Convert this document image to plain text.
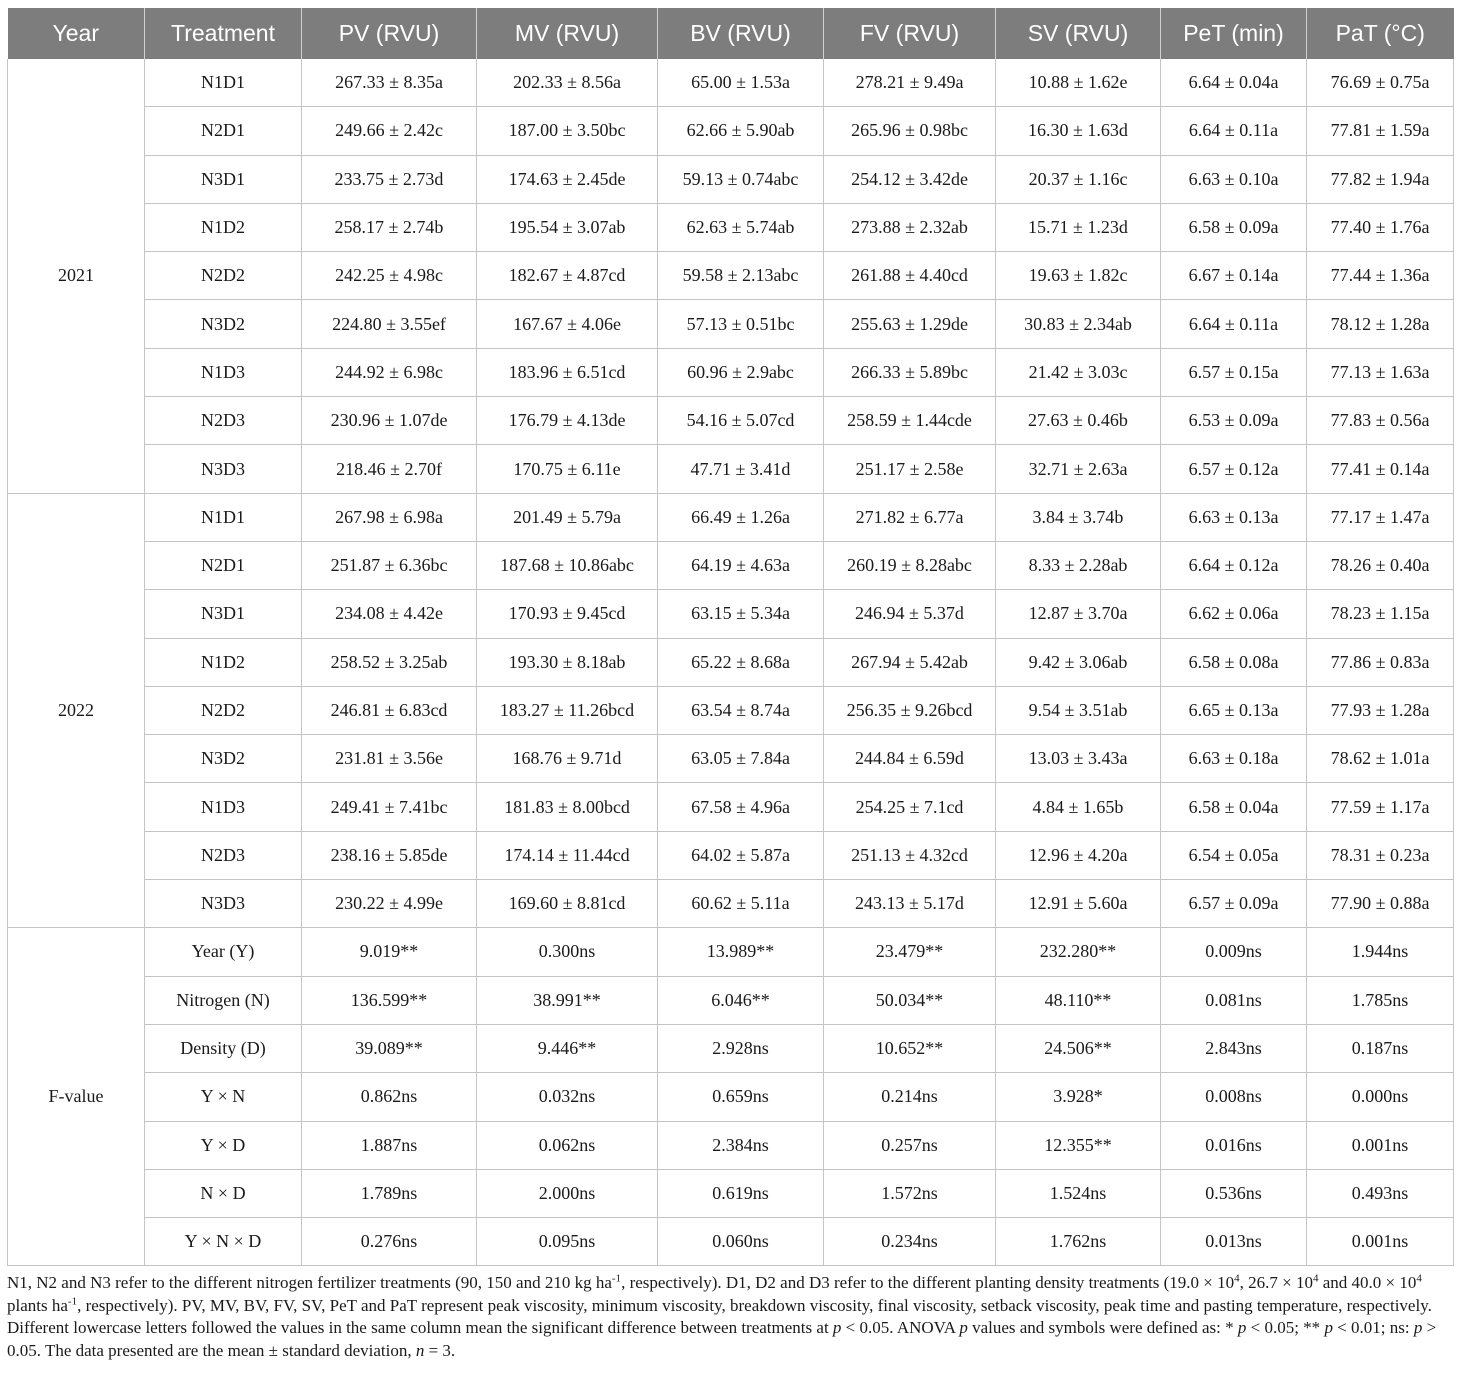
Year	Treatment	PV (RVU)	MV (RVU)	BV (RVU)	FV (RVU)	SV (RVU)	PeT (min)	PaT (°C)
2021	N1D1	267.33 ± 8.35a	202.33 ± 8.56a	65.00 ± 1.53a	278.21 ± 9.49a	10.88 ± 1.62e	6.64 ± 0.04a	76.69 ± 0.75a
	N2D1	249.66 ± 2.42c	187.00 ± 3.50bc	62.66 ± 5.90ab	265.96 ± 0.98bc	16.30 ± 1.63d	6.64 ± 0.11a	77.81 ± 1.59a
	N3D1	233.75 ± 2.73d	174.63 ± 2.45de	59.13 ± 0.74abc	254.12 ± 3.42de	20.37 ± 1.16c	6.63 ± 0.10a	77.82 ± 1.94a
	N1D2	258.17 ± 2.74b	195.54 ± 3.07ab	62.63 ± 5.74ab	273.88 ± 2.32ab	15.71 ± 1.23d	6.58 ± 0.09a	77.40 ± 1.76a
	N2D2	242.25 ± 4.98c	182.67 ± 4.87cd	59.58 ± 2.13abc	261.88 ± 4.40cd	19.63 ± 1.82c	6.67 ± 0.14a	77.44 ± 1.36a
	N3D2	224.80 ± 3.55ef	167.67 ± 4.06e	57.13 ± 0.51bc	255.63 ± 1.29de	30.83 ± 2.34ab	6.64 ± 0.11a	78.12 ± 1.28a
	N1D3	244.92 ± 6.98c	183.96 ± 6.51cd	60.96 ± 2.9abc	266.33 ± 5.89bc	21.42 ± 3.03c	6.57 ± 0.15a	77.13 ± 1.63a
	N2D3	230.96 ± 1.07de	176.79 ± 4.13de	54.16 ± 5.07cd	258.59 ± 1.44cde	27.63 ± 0.46b	6.53 ± 0.09a	77.83 ± 0.56a
	N3D3	218.46 ± 2.70f	170.75 ± 6.11e	47.71 ± 3.41d	251.17 ± 2.58e	32.71 ± 2.63a	6.57 ± 0.12a	77.41 ± 0.14a
2022	N1D1	267.98 ± 6.98a	201.49 ± 5.79a	66.49 ± 1.26a	271.82 ± 6.77a	3.84 ± 3.74b	6.63 ± 0.13a	77.17 ± 1.47a
	N2D1	251.87 ± 6.36bc	187.68 ± 10.86abc	64.19 ± 4.63a	260.19 ± 8.28abc	8.33 ± 2.28ab	6.64 ± 0.12a	78.26 ± 0.40a
	N3D1	234.08 ± 4.42e	170.93 ± 9.45cd	63.15 ± 5.34a	246.94 ± 5.37d	12.87 ± 3.70a	6.62 ± 0.06a	78.23 ± 1.15a
	N1D2	258.52 ± 3.25ab	193.30 ± 8.18ab	65.22 ± 8.68a	267.94 ± 5.42ab	9.42 ± 3.06ab	6.58 ± 0.08a	77.86 ± 0.83a
	N2D2	246.81 ± 6.83cd	183.27 ± 11.26bcd	63.54 ± 8.74a	256.35 ± 9.26bcd	9.54 ± 3.51ab	6.65 ± 0.13a	77.93 ± 1.28a
	N3D2	231.81 ± 3.56e	168.76 ± 9.71d	63.05 ± 7.84a	244.84 ± 6.59d	13.03 ± 3.43a	6.63 ± 0.18a	78.62 ± 1.01a
	N1D3	249.41 ± 7.41bc	181.83 ± 8.00bcd	67.58 ± 4.96a	254.25 ± 7.1cd	4.84 ± 1.65b	6.58 ± 0.04a	77.59 ± 1.17a
	N2D3	238.16 ± 5.85de	174.14 ± 11.44cd	64.02 ± 5.87a	251.13 ± 4.32cd	12.96 ± 4.20a	6.54 ± 0.05a	78.31 ± 0.23a
	N3D3	230.22 ± 4.99e	169.60 ± 8.81cd	60.62 ± 5.11a	243.13 ± 5.17d	12.91 ± 5.60a	6.57 ± 0.09a	77.90 ± 0.88a
F-value	Year (Y)	9.019**	0.300ns	13.989**	23.479**	232.280**	0.009ns	1.944ns
	Nitrogen (N)	136.599**	38.991**	6.046**	50.034**	48.110**	0.081ns	1.785ns
	Density (D)	39.089**	9.446**	2.928ns	10.652**	24.506**	2.843ns	0.187ns
	Y × N	0.862ns	0.032ns	0.659ns	0.214ns	3.928*	0.008ns	0.000ns
	Y × D	1.887ns	0.062ns	2.384ns	0.257ns	12.355**	0.016ns	0.001ns
	N × D	1.789ns	2.000ns	0.619ns	1.572ns	1.524ns	0.536ns	0.493ns
	Y × N × D	0.276ns	0.095ns	0.060ns	0.234ns	1.762ns	0.013ns	0.001ns
N1, N2 and N3 refer to the different nitrogen fertilizer treatments (90, 150 and 210 kg $ha^{-1}$, respectively). D1, D2 and D3 refer to the different planting density treatments ($19.0 \times 10^4$, $26.7 \times 10^4$ and $40.0 \times 10^4$ plants $ha^{-1}$, respectively). PV, MV, BV, FV, SV, PeT and PaT represent peak viscosity, minimum viscosity, breakdown viscosity, final viscosity, setback viscosity, peak time and pasting temperature, respectively. Different lowercase letters followed the values in the same column mean the significant difference between treatments at p < 0.05. ANOVA p values and symbols were defined as: * p < 0.05; ** p < 0.01; ns: p > 0.05. The data presented are the mean ± standard deviation, n = 3.
